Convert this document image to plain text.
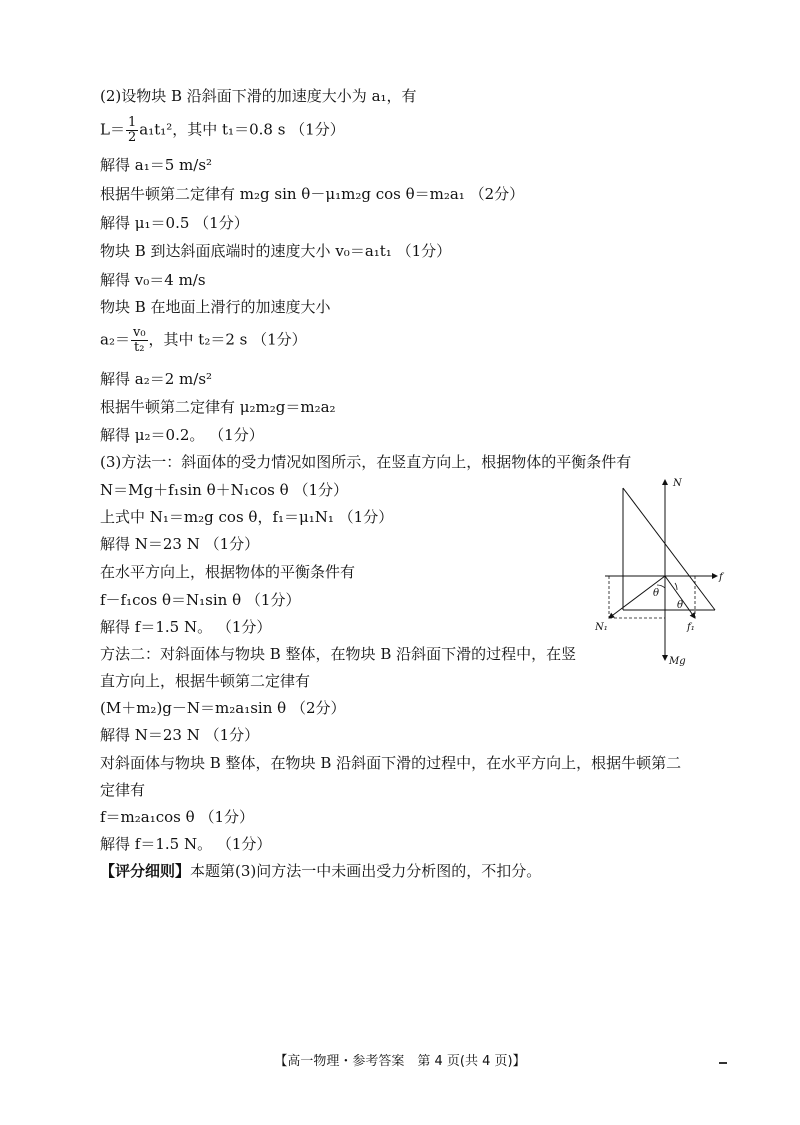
(2)设物块 B 沿斜面下滑的加速度大小为 a₁，有
$L= \frac{1}{2} a_1t_1^2$，其中 t₁＝0.8 s （1分）
解得 a₁＝5 m/s²
根据牛顿第二定律有 m₂g sin θ－μ₁m₂g cos θ＝m₂a₁ （2分）
解得 μ₁＝0.5 （1分）
物块 B 到达斜面底端时的速度大小 v₀＝a₁t₁ （1分）
解得 v₀＝4 m/s
物块 B 在地面上滑行的加速度大小
$a_2= \frac{\text{v₀}}{\text{t₂}}$ ，其中 t₂＝2 s （1分）
解得 a₂＝2 m/s²
根据牛顿第二定律有 μ₂m₂g＝m₂a₂
解得 μ₂＝0.2。 （1分）
(3)方法一：斜面体的受力情况如图所示，在竖直方向上，根据物体的平衡条件有
N＝Mg＋f₁sin θ＋N₁cos θ （1分）
上式中 N₁＝m₂g cos θ，f₁＝μ₁N₁ （1分）
解得 N＝23 N （1分）
在水平方向上，根据物体的平衡条件有
f－f₁cos θ＝N₁sin θ （1分）
解得 f＝1.5 N。 （1分）
方法二：对斜面体与物块 B 整体，在物块 B 沿斜面下滑的过程中，在竖
直方向上，根据牛顿第二定律有
(M＋m₂)g－N＝m₂a₁sin θ （2分）
解得 N＝23 N （1分）
对斜面体与物块 B 整体，在物块 B 沿斜面下滑的过程中，在水平方向上，根据牛顿第二
定律有
f＝m₂a₁cos θ （1分）
解得 f＝1.5 N。 （1分）
【评分细则】本题第(3)问方法一中未画出受力分析图的，不扣分。
N
f
θ
θ
N₁	f₁
Mg
【高一物理・参考答案　第 4 页(共 4 页)】
